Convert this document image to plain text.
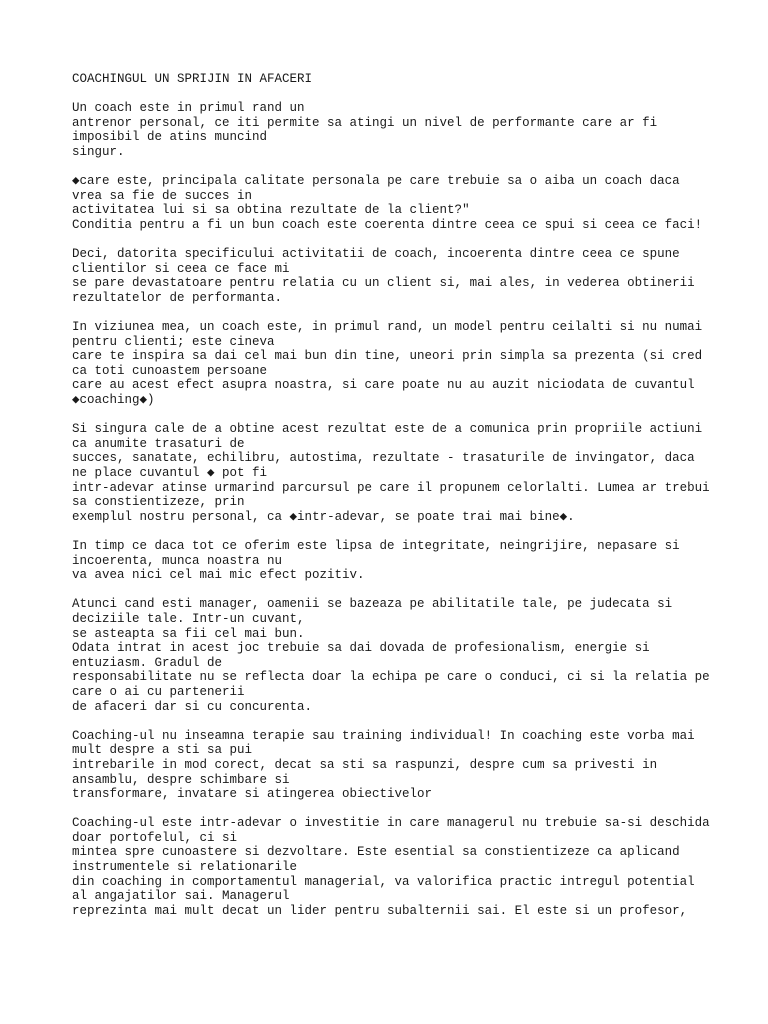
COACHINGUL UN SPRIJIN IN AFACERI
Un coach este in primul rand un
antrenor personal, ce iti permite sa atingi un nivel de performante care ar fi imposibil de atins muncind
singur.
◆care este, principala calitate personala pe care trebuie sa o aiba un coach daca vrea sa fie de succes in
activitatea lui si sa obtina rezultate de la client?"
Conditia pentru a fi un bun coach este coerenta dintre ceea ce spui si ceea ce faci!
Deci, datorita specificului activitatii de coach, incoerenta dintre ceea ce spune clientilor si ceea ce face mi
se pare devastatoare pentru relatia cu un client si, mai ales, in vederea obtinerii rezultatelor de performanta.
In viziunea mea, un coach este, in primul rand, un model pentru ceilalti si nu numai pentru clienti; este cineva
care te inspira sa dai cel mai bun din tine, uneori prin simpla sa prezenta (si cred ca toti cunoastem persoane
care au acest efect asupra noastra, si care poate nu au auzit niciodata de cuvantul ◆coaching◆)
Si singura cale de a obtine acest rezultat este de a comunica prin propriile actiuni ca anumite trasaturi de
succes, sanatate, echilibru, autostima, rezultate - trasaturile de invingator, daca ne place cuvantul ◆ pot fi
intr-adevar atinse urmarind parcursul pe care il propunem celorlalti. Lumea ar trebui sa constientizeze, prin
exemplul nostru personal, ca ◆intr-adevar, se poate trai mai bine◆.
In timp ce daca tot ce oferim este lipsa de integritate, neingrijire, nepasare si incoerenta, munca noastra nu
va avea nici cel mai mic efect pozitiv.
Atunci cand esti manager, oamenii se bazeaza pe abilitatile tale, pe judecata si deciziile tale. Intr-un cuvant,
se asteapta sa fii cel mai bun.
Odata intrat in acest joc trebuie sa dai dovada de profesionalism, energie si entuziasm. Gradul de
responsabilitate nu se reflecta doar la echipa pe care o conduci, ci si la relatia pe care o ai cu partenerii
de afaceri dar si cu concurenta.
Coaching-ul nu inseamna terapie sau training individual! In coaching este vorba mai mult despre a sti sa pui
intrebarile in mod corect, decat sa sti sa raspunzi, despre cum sa privesti in ansamblu, despre schimbare si
transformare, invatare si atingerea obiectivelor
Coaching-ul este intr-adevar o investitie in care managerul nu trebuie sa-si deschida doar portofelul, ci si
mintea spre cunoastere si dezvoltare. Este esential sa constientizeze ca aplicand instrumentele si relationarile
din coaching in comportamentul managerial, va valorifica practic intregul potential al angajatilor sai. Managerul
reprezinta mai mult decat un lider pentru subalternii sai. El este si un profesor,
